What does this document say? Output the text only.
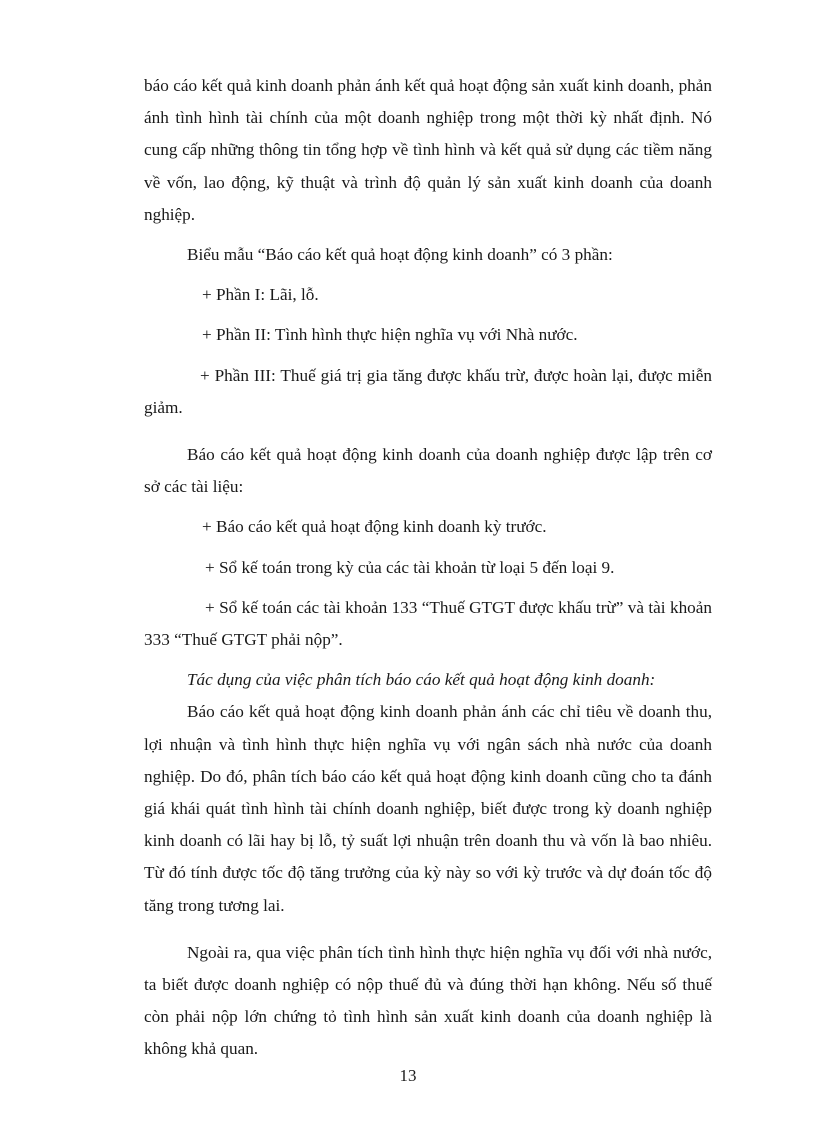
báo cáo kết quả kinh doanh phản ánh kết quả hoạt động sản xuất kinh doanh, phản ánh tình hình tài chính của một doanh nghiệp trong một thời kỳ nhất định. Nó cung cấp những thông tin tổng hợp về tình hình và kết quả sử dụng các tiềm năng về vốn, lao động, kỹ thuật và trình độ quản lý sản xuất kinh doanh của doanh nghiệp.

Biểu mẫu “Báo cáo kết quả hoạt động kinh doanh” có 3 phần:

+ Phần I: Lãi, lỗ.

+ Phần II: Tình hình thực hiện nghĩa vụ với Nhà nước.

+ Phần III: Thuế giá trị gia tăng được khấu trừ, được hoàn lại, được miễn giảm.

Báo cáo kết quả hoạt động kinh doanh của doanh nghiệp được lập trên cơ sở các tài liệu:

+ Báo cáo kết quả hoạt động kinh doanh kỳ trước.

+ Sổ kế toán trong kỳ của các tài khoản từ loại 5 đến loại 9.

+ Sổ kế toán các tài khoản 133 “Thuế GTGT được khấu trừ” và tài khoản 333 “Thuế GTGT phải nộp”.

Tác dụng của việc phân tích báo cáo kết quả hoạt động kinh doanh:

Báo cáo kết quả hoạt động kinh doanh phản ánh các chỉ tiêu về doanh thu, lợi nhuận và tình hình thực hiện nghĩa vụ với ngân sách nhà nước của doanh nghiệp. Do đó, phân tích báo cáo kết quả hoạt động kinh doanh cũng cho ta đánh giá khái quát tình hình tài chính doanh nghiệp, biết được trong kỳ doanh nghiệp kinh doanh có lãi hay bị lỗ, tỷ suất lợi nhuận trên doanh thu và vốn là bao nhiêu. Từ đó tính được tốc độ tăng trưởng của kỳ này so với kỳ trước và dự đoán tốc độ tăng trong tương lai.

Ngoài ra, qua việc phân tích tình hình thực hiện nghĩa vụ đối với nhà nước, ta biết được doanh nghiệp có nộp thuế đủ và đúng thời hạn không. Nếu số thuế còn phải nộp lớn chứng tỏ tình hình sản xuất kinh doanh của doanh nghiệp là không khả quan.

13
